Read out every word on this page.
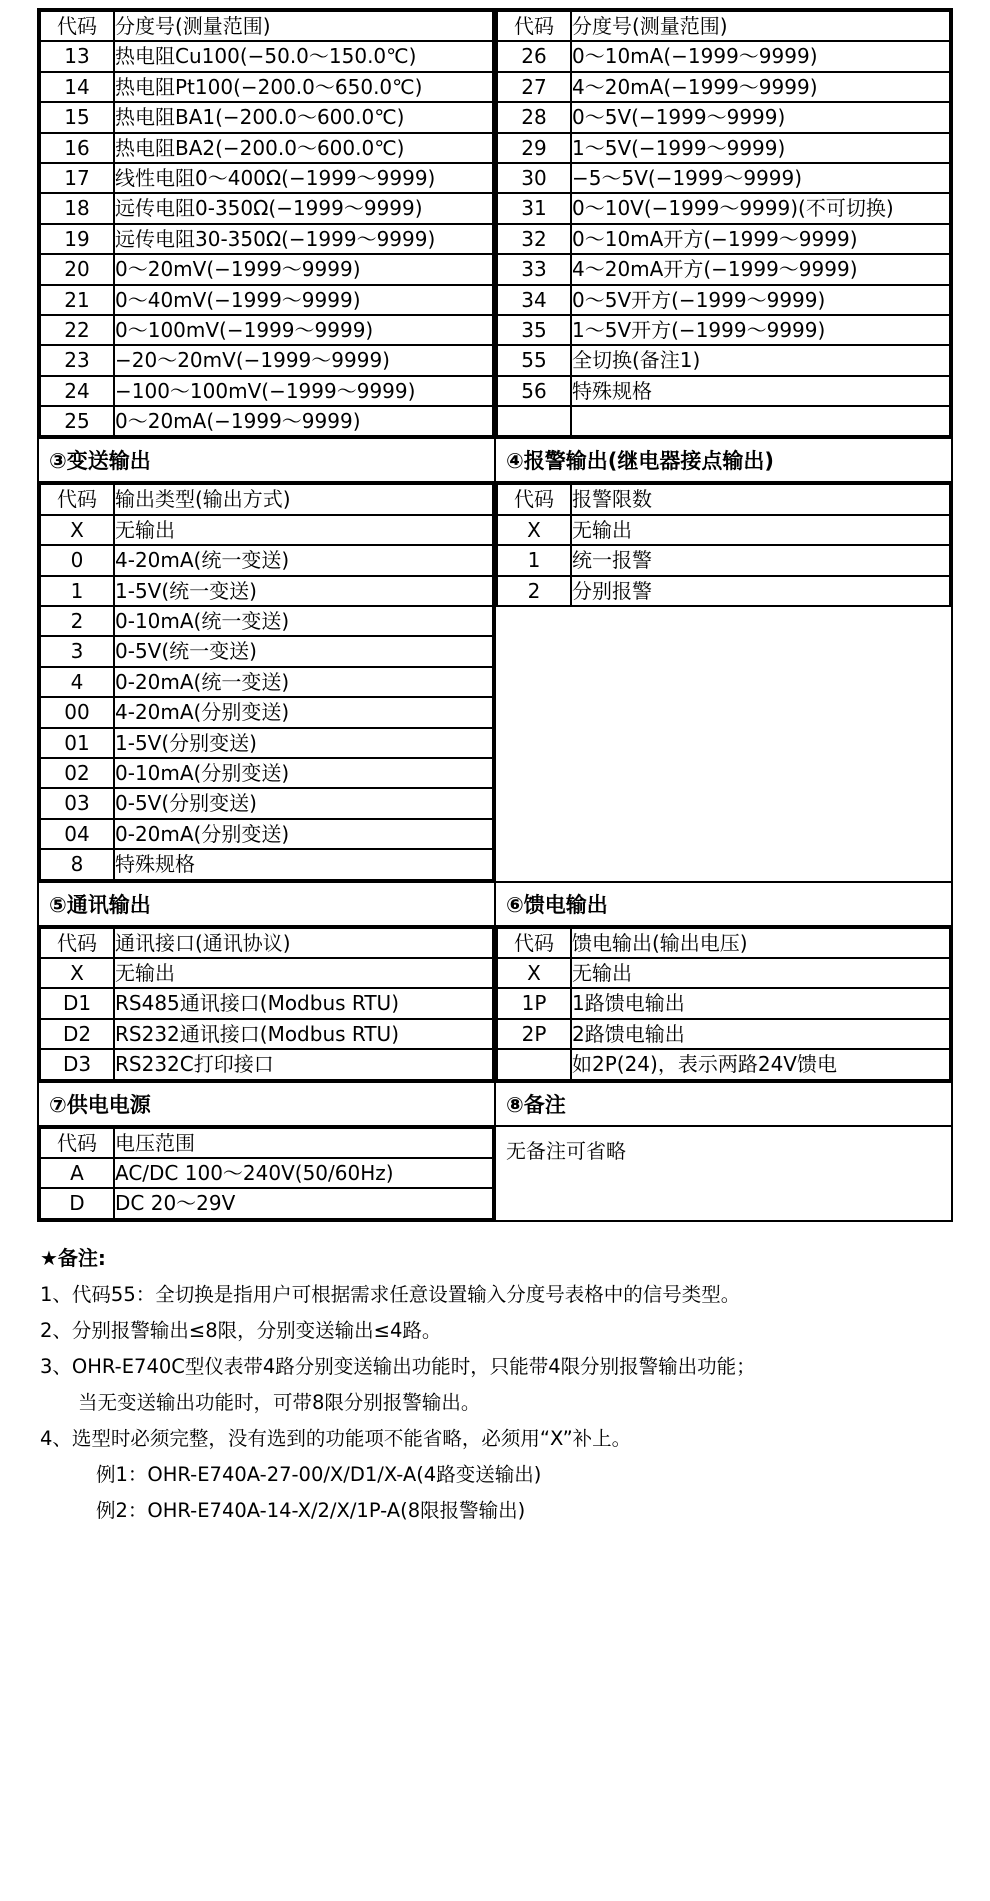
代码	分度号(测量范围)
13	热电阻Cu100(−50.0～150.0℃)
14	热电阻Pt100(−200.0～650.0℃)
15	热电阻BA1(−200.0～600.0℃)
16	热电阻BA2(−200.0～600.0℃)
17	线性电阻0～400Ω(−1999～9999)
18	远传电阻0-350Ω(−1999～9999)
19	远传电阻30-350Ω(−1999～9999)
20	0～20mV(−1999～9999)
21	0～40mV(−1999～9999)
22	0～100mV(−1999～9999)
23	−20～20mV(−1999～9999)
24	−100～100mV(−1999～9999)
25	0～20mA(−1999～9999)

代码	分度号(测量范围)
26	0～10mA(−1999～9999)
27	4～20mA(−1999～9999)
28	0～5V(−1999～9999)
29	1～5V(−1999～9999)
30	−5～5V(−1999～9999)
31	0～10V(−1999～9999)(不可切换)
32	0～10mA开方(−1999～9999)
33	4～20mA开方(−1999～9999)
34	0～5V开方(−1999～9999)
35	1～5V开方(−1999～9999)
55	全切换(备注1)
56	特殊规格

③变送输出
代码	输出类型(输出方式)
X	无输出
0	4-20mA(统一变送)
1	1-5V(统一变送)
2	0-10mA(统一变送)
3	0-5V(统一变送)
4	0-20mA(统一变送)
00	4-20mA(分别变送)
01	1-5V(分别变送)
02	0-10mA(分别变送)
03	0-5V(分别变送)
04	0-20mA(分别变送)
8	特殊规格

④报警输出(继电器接点输出)
代码	报警限数
X	无输出
1	统一报警
2	分别报警

⑤通讯输出
代码	通讯接口(通讯协议)
X	无输出
D1	RS485通讯接口(Modbus RTU)
D2	RS232通讯接口(Modbus RTU)
D3	RS232C打印接口

⑥馈电输出
代码	馈电输出(输出电压)
X	无输出
1P	1路馈电输出
2P	2路馈电输出
	如2P(24)，表示两路24V馈电

⑦供电电源
代码	电压范围
A	AC/DC 100～240V(50/60Hz)
D	DC 20～29V

⑧备注
无备注可省略
★备注:
1、代码55：全切换是指用户可根据需求任意设置输入分度号表格中的信号类型。
2、分别报警输出≤8限，分别变送输出≤4路。
3、OHR-E740C型仪表带4路分别变送输出功能时，只能带4限分别报警输出功能；
当无变送输出功能时，可带8限分别报警输出。
4、选型时必须完整，没有选到的功能项不能省略，必须用“X”补上。
例1：OHR-E740A-27-00/X/D1/X-A(4路变送输出)
例2：OHR-E740A-14-X/2/X/1P-A(8限报警输出)
